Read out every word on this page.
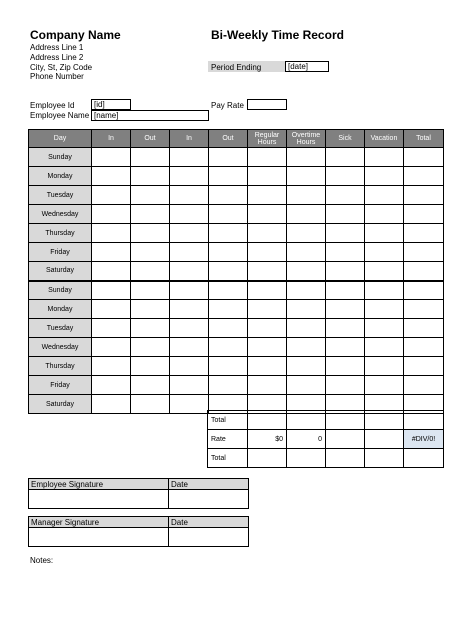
Company Name
Address Line 1
Address Line 2
City, St, Zip Code
Phone Number
Bi-Weekly Time Record
Period Ending	[date]
Employee Id	[id]
Employee Name [name]
Pay Rate
Day	In	Out	In	Out	Regular Hours	Overtime Hours	Sick	Vacation	Total
Sunday									
Monday									
Tuesday									
Wednesday									
Thursday									
Friday									
Saturday									
Sunday									
Monday									
Tuesday									
Wednesday									
Thursday									
Friday									
Saturday									
Total					
Rate	$0	0			#DIV/0!
Total					
Employee Signature	Date

Manager Signature	Date

Notes:
